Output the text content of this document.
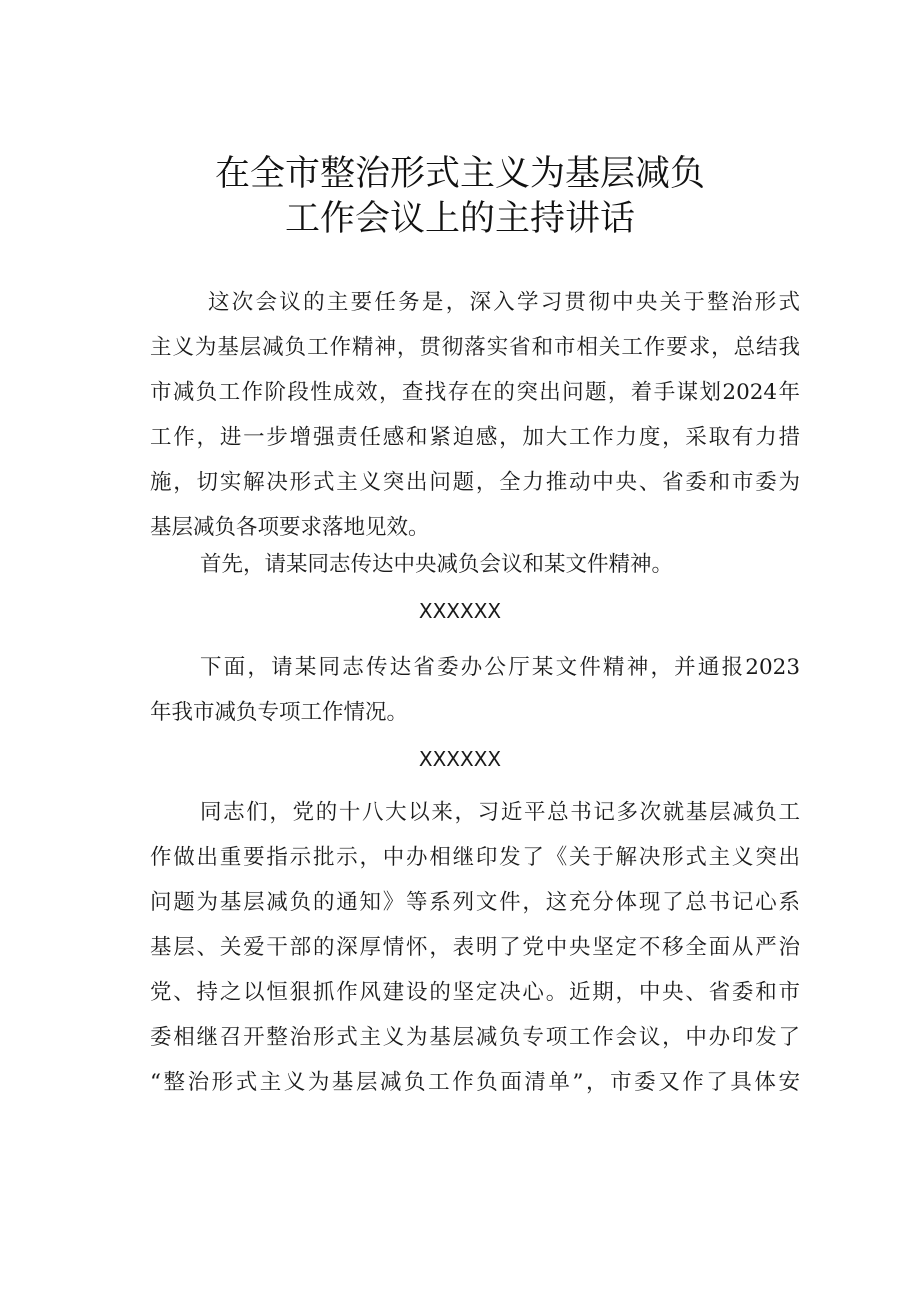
在全市整治形式主义为基层减负
工作会议上的主持讲话
这次会议的主要任务是，深入学习贯彻中央关于整治形式
主义为基层减负工作精神，贯彻落实省和市相关工作要求，总结我
市减负工作阶段性成效，查找存在的突出问题，着手谋划2024年
工作，进一步增强责任感和紧迫感，加大工作力度，采取有力措
施，切实解决形式主义突出问题，全力推动中央、省委和市委为
基层减负各项要求落地见效。
首先，请某同志传达中央减负会议和某文件精神。
XXXXXX
下面，请某同志传达省委办公厅某文件精神，并通报2023
年我市减负专项工作情况。
XXXXXX
同志们，党的十八大以来，习近平总书记多次就基层减负工
作做出重要指示批示，中办相继印发了《关于解决形式主义突出
问题为基层减负的通知》等系列文件，这充分体现了总书记心系
基层、关爱干部的深厚情怀，表明了党中央坚定不移全面从严治
党、持之以恒狠抓作风建设的坚定决心。近期，中央、省委和市
委相继召开整治形式主义为基层减负专项工作会议，中办印发了
“整治形式主义为基层减负工作负面清单”，市委又作了具体安
